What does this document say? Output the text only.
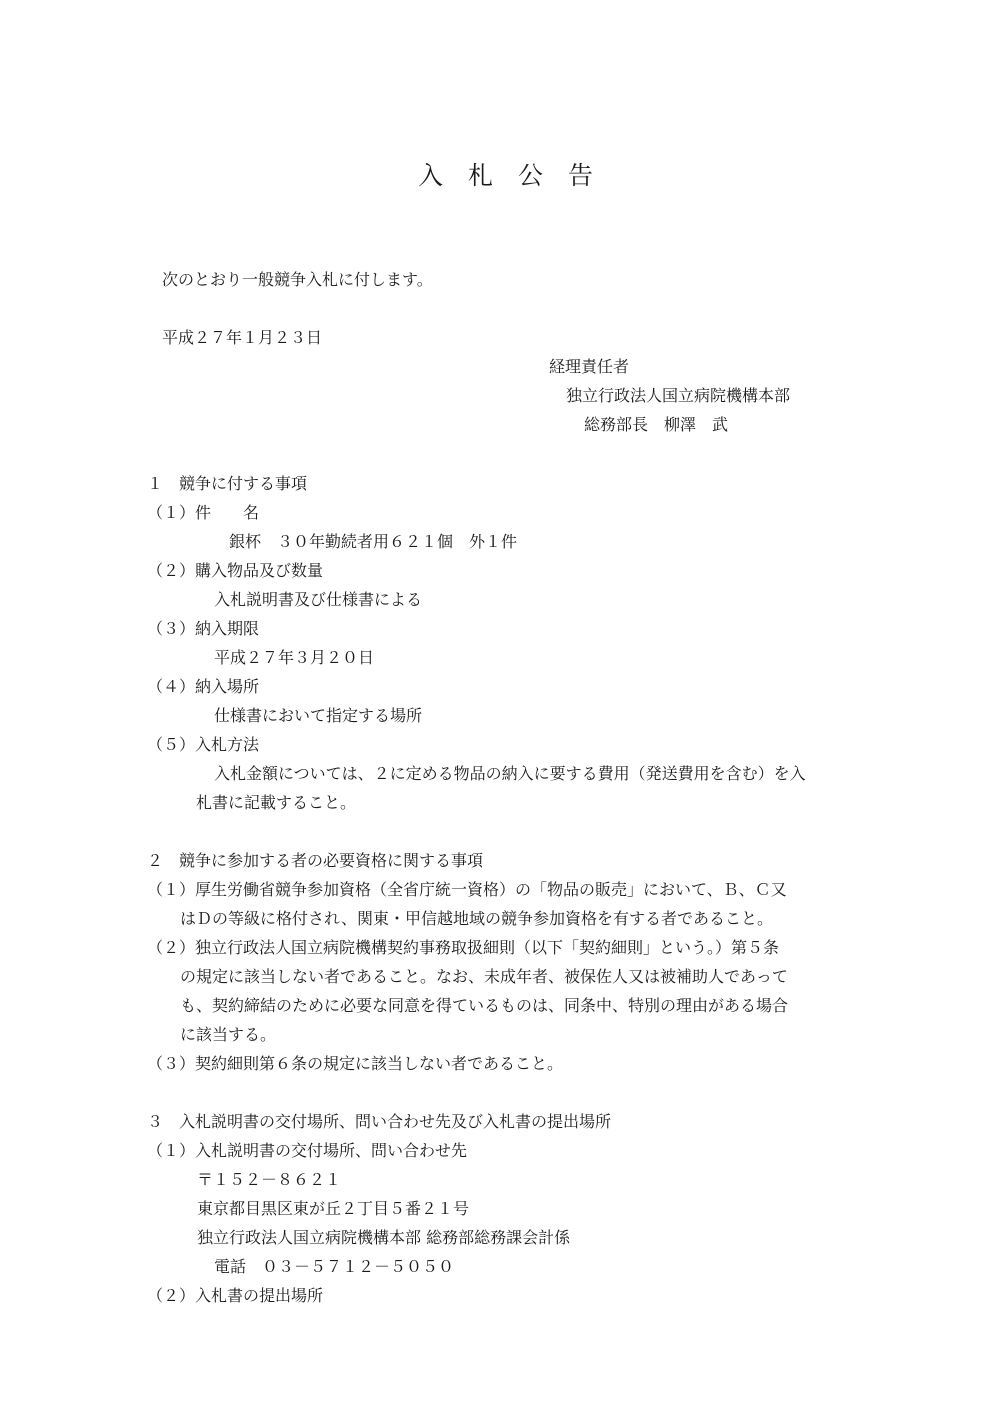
入　札　公　告
次のとおり一般競争入札に付します。
平成２７年１月２３日
経理責任者
独立行政法人国立病院機構本部
総務部長　柳澤　武
１　競争に付する事項
（１）件　　名
銀杯　３０年勤続者用６２１個　外１件
（２）購入物品及び数量
入札説明書及び仕様書による
（３）納入期限
平成２７年３月２０日
（４）納入場所
仕様書において指定する場所
（５）入札方法
入札金額については、２に定める物品の納入に要する費用（発送費用を含む）を入
札書に記載すること。
２　競争に参加する者の必要資格に関する事項
（１）厚生労働省競争参加資格（全省庁統一資格）の「物品の販売」において、Ｂ、Ｃ又
はＤの等級に格付され、関東・甲信越地域の競争参加資格を有する者であること。
（２）独立行政法人国立病院機構契約事務取扱細則（以下「契約細則」という。）第５条
の規定に該当しない者であること。なお、未成年者、被保佐人又は被補助人であって
も、契約締結のために必要な同意を得ているものは、同条中、特別の理由がある場合
に該当する。
（３）契約細則第６条の規定に該当しない者であること。
３　入札説明書の交付場所、問い合わせ先及び入札書の提出場所
（１）入札説明書の交付場所、問い合わせ先
〒１５２－８６２１
東京都目黒区東が丘２丁目５番２１号
独立行政法人国立病院機構本部 総務部総務課会計係
電話　０３－５７１２－５０５０
（２）入札書の提出場所
